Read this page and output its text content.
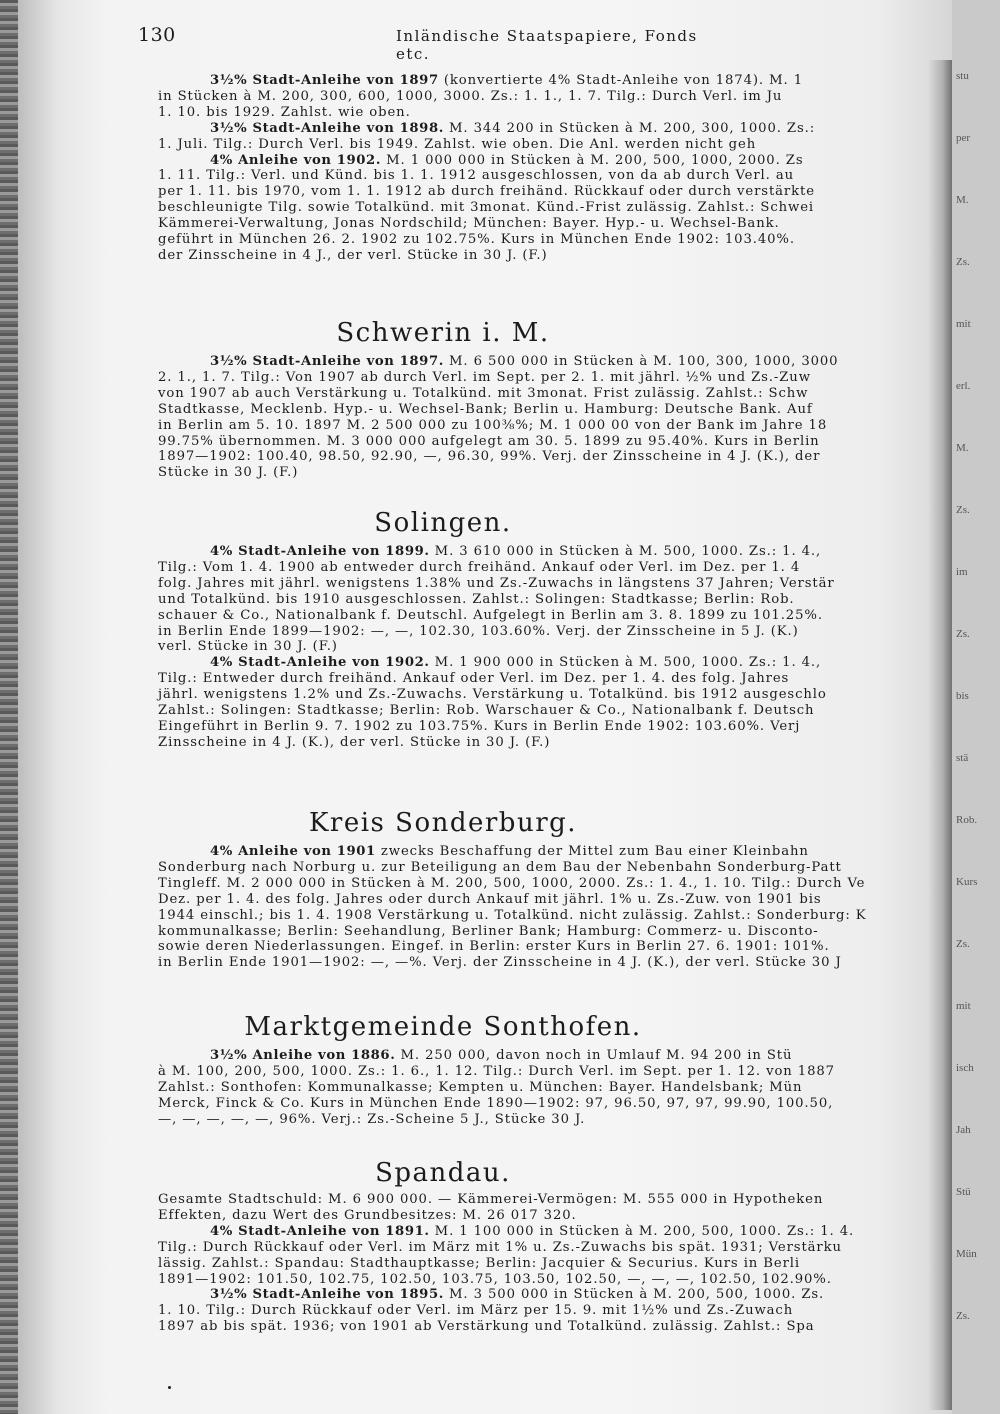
stu
per
M.
Zs.
mit
erl.
M.
Zs.
im
Zs.
bis
stä
Rob.
Kurs
Zs.
mit
isch
Jah
Stü
Mün
Zs.
130	Inländische Staatspapiere, Fonds etc.
3½% Stadt-Anleihe von 1897 (konvertierte 4% Stadt-Anleihe von 1874). M. 1
in Stücken à M. 200, 300, 600, 1000, 3000. Zs.: 1. 1., 1. 7. Tilg.: Durch Verl. im Ju
1. 10. bis 1929. Zahlst. wie oben.
3½% Stadt-Anleihe von 1898. M. 344 200 in Stücken à M. 200, 300, 1000. Zs.:
1. Juli. Tilg.: Durch Verl. bis 1949. Zahlst. wie oben. Die Anl. werden nicht geh
4% Anleihe von 1902. M. 1 000 000 in Stücken à M. 200, 500, 1000, 2000. Zs
1. 11. Tilg.: Verl. und Künd. bis 1. 1. 1912 ausgeschlossen, von da ab durch Verl. au
per 1. 11. bis 1970, vom 1. 1. 1912 ab durch freihänd. Rückkauf oder durch verstärkte
beschleunigte Tilg. sowie Totalkünd. mit 3monat. Künd.-Frist zulässig. Zahlst.: Schwei
Kämmerei-Verwaltung, Jonas Nordschild; München: Bayer. Hyp.- u. Wechsel-Bank.
geführt in München 26. 2. 1902 zu 102.75%. Kurs in München Ende 1902: 103.40%.
der Zinsscheine in 4 J., der verl. Stücke in 30 J. (F.)
Schwerin i. M.
3½% Stadt-Anleihe von 1897. M. 6 500 000 in Stücken à M. 100, 300, 1000, 3000
2. 1., 1. 7. Tilg.: Von 1907 ab durch Verl. im Sept. per 2. 1. mit jährl. ½% und Zs.-Zuw
von 1907 ab auch Verstärkung u. Totalkünd. mit 3monat. Frist zulässig. Zahlst.: Schw
Stadtkasse, Mecklenb. Hyp.- u. Wechsel-Bank; Berlin u. Hamburg: Deutsche Bank. Auf
in Berlin am 5. 10. 1897 M. 2 500 000 zu 100⅜%; M. 1 000 00 von der Bank im Jahre 18
99.75% übernommen. M. 3 000 000 aufgelegt am 30. 5. 1899 zu 95.40%. Kurs in Berlin
1897—1902: 100.40, 98.50, 92.90, —, 96.30, 99%. Verj. der Zinsscheine in 4 J. (K.), der
Stücke in 30 J. (F.)
Solingen.
4% Stadt-Anleihe von 1899. M. 3 610 000 in Stücken à M. 500, 1000. Zs.: 1. 4.,
Tilg.: Vom 1. 4. 1900 ab entweder durch freihänd. Ankauf oder Verl. im Dez. per 1. 4
folg. Jahres mit jährl. wenigstens 1.38% und Zs.-Zuwachs in längstens 37 Jahren; Verstär
und Totalkünd. bis 1910 ausgeschlossen. Zahlst.: Solingen: Stadtkasse; Berlin: Rob.
schauer & Co., Nationalbank f. Deutschl. Aufgelegt in Berlin am 3. 8. 1899 zu 101.25%.
in Berlin Ende 1899—1902: —, —, 102.30, 103.60%. Verj. der Zinsscheine in 5 J. (K.)
verl. Stücke in 30 J. (F.)
4% Stadt-Anleihe von 1902. M. 1 900 000 in Stücken à M. 500, 1000. Zs.: 1. 4.,
Tilg.: Entweder durch freihänd. Ankauf oder Verl. im Dez. per 1. 4. des folg. Jahres
jährl. wenigstens 1.2% und Zs.-Zuwachs. Verstärkung u. Totalkünd. bis 1912 ausgeschlo
Zahlst.: Solingen: Stadtkasse; Berlin: Rob. Warschauer & Co., Nationalbank f. Deutsch
Eingeführt in Berlin 9. 7. 1902 zu 103.75%. Kurs in Berlin Ende 1902: 103.60%. Verj
Zinsscheine in 4 J. (K.), der verl. Stücke in 30 J. (F.)
Kreis Sonderburg.
4% Anleihe von 1901 zwecks Beschaffung der Mittel zum Bau einer Kleinbahn
Sonderburg nach Norburg u. zur Beteiligung an dem Bau der Nebenbahn Sonderburg-Patt
Tingleff. M. 2 000 000 in Stücken à M. 200, 500, 1000, 2000. Zs.: 1. 4., 1. 10. Tilg.: Durch Ve
Dez. per 1. 4. des folg. Jahres oder durch Ankauf mit jährl. 1% u. Zs.-Zuw. von 1901 bis
1944 einschl.; bis 1. 4. 1908 Verstärkung u. Totalkünd. nicht zulässig. Zahlst.: Sonderburg: K
kommunalkasse; Berlin: Seehandlung, Berliner Bank; Hamburg: Commerz- u. Disconto-
sowie deren Niederlassungen. Eingef. in Berlin: erster Kurs in Berlin 27. 6. 1901: 101%.
in Berlin Ende 1901—1902: —, —%. Verj. der Zinsscheine in 4 J. (K.), der verl. Stücke 30 J
Marktgemeinde Sonthofen.
3½% Anleihe von 1886. M. 250 000, davon noch in Umlauf M. 94 200 in Stü
à M. 100, 200, 500, 1000. Zs.: 1. 6., 1. 12. Tilg.: Durch Verl. im Sept. per 1. 12. von 1887
Zahlst.: Sonthofen: Kommunalkasse; Kempten u. München: Bayer. Handelsbank; Mün
Merck, Finck & Co. Kurs in München Ende 1890—1902: 97, 96.50, 97, 97, 99.90, 100.50,
—, —, —, —, —, 96%. Verj.: Zs.-Scheine 5 J., Stücke 30 J.
Spandau.
Gesamte Stadtschuld: M. 6 900 000. — Kämmerei-Vermögen: M. 555 000 in Hypotheken
Effekten, dazu Wert des Grundbesitzes: M. 26 017 320.
4% Stadt-Anleihe von 1891. M. 1 100 000 in Stücken à M. 200, 500, 1000. Zs.: 1. 4.
Tilg.: Durch Rückkauf oder Verl. im März mit 1% u. Zs.-Zuwachs bis spät. 1931; Verstärku
lässig. Zahlst.: Spandau: Stadthauptkasse; Berlin: Jacquier & Securius. Kurs in Berli
1891—1902: 101.50, 102.75, 102.50, 103.75, 103.50, 102.50, —, —, —, 102.50, 102.90%.
3½% Stadt-Anleihe von 1895. M. 3 500 000 in Stücken à M. 200, 500, 1000. Zs.
1. 10. Tilg.: Durch Rückkauf oder Verl. im März per 15. 9. mit 1½% und Zs.-Zuwach
1897 ab bis spät. 1936; von 1901 ab Verstärkung und Totalkünd. zulässig. Zahlst.: Spa
